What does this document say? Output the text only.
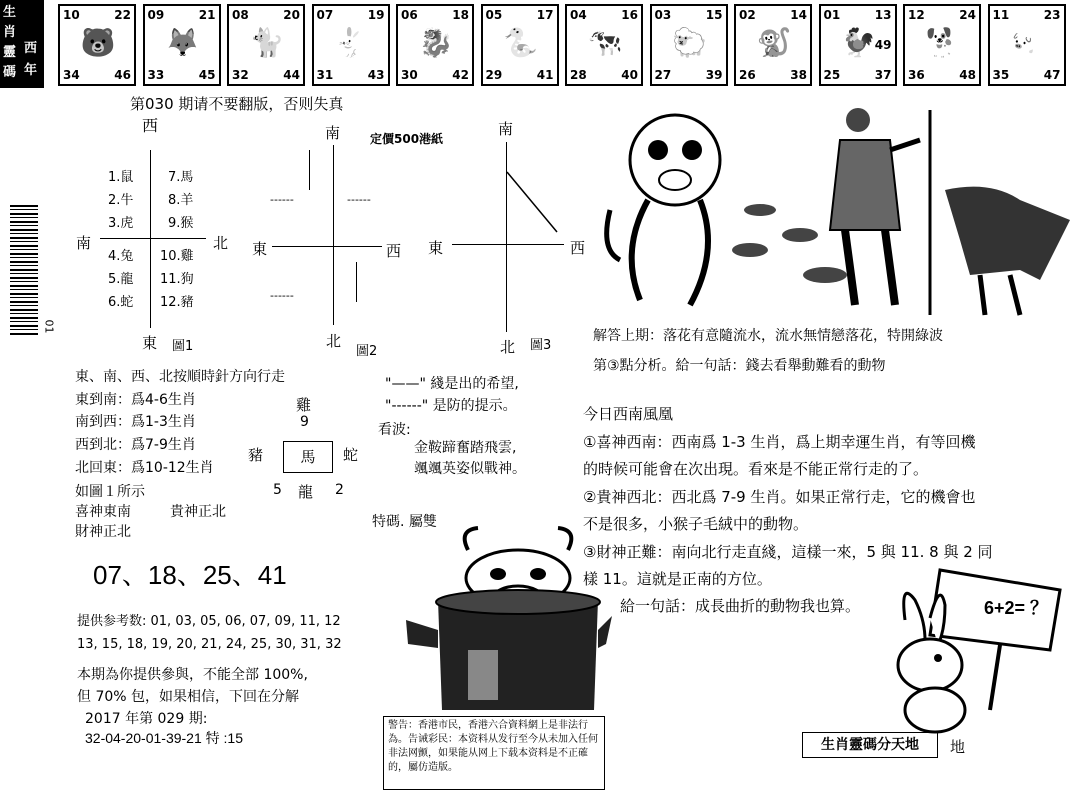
生
肖
靈
碼
西
年
10	22
34	46
🐻
09	21
33	45
🦊
08	20
32	44
🐈
07	19
31	43
🐇
06	18
30	42
🐉
05	17
29	41
🐍
04	16
28	40
🐄
03	15
27	39
🐑
02	14
26	38
🐒
01	13
25	37
49
🐓
12	24
36	48
🐕
11	23
35	47
🐖
第030 期请不要翻版，否则失真
定價500港紙
01
西
南	北
東 圖1
1.鼠
2.牛
3.虎
4.兔
5.龍
6.蛇
7.馬
8.羊
9.猴
10.雞
11.狗
12.豬
南
東	西
北
圖2
------	------
------
南
東	西
北 圖3
東、南、西、北按順時針方向行走
東到南：爲4-6生肖
南到西：爲1-3生肖
西到北：爲7-9生肖
北回東：爲10-12生肖
如圖１所示
喜神東南	貴神正北
財神正北
"——" 綫是出的希望,
"------" 是防的提示。
雞
9
豬	馬	蛇
5 龍 2
看波:
金鞍蹄奮踏飛雲,
颯颯英姿似戰神。
特碼. 屬雙
07、18、25、41
提供参考数: 01, 03, 05, 06, 07, 09, 11, 12
13, 15, 18, 19, 20, 21, 24, 25, 30, 31, 32
本期為你提供參與，不能全部 100%,
但 70% 包，如果相信，下回在分解
2017 年第 029 期:
32-04-20-01-39-21 特 :15
警告：香港市民，香港六合資料網上是非法行為。告诫彩民：本资料从发行至今从未加入任何非法网颤，如果能从网上下载本资料是不正確的，屬仿造版。
解答上期：落花有意隨流水，流水無情戀落花，特開綠波
第③點分析。給一句話：錢去看舉動難看的動物
今日西南風凰
①喜神西南：西南爲 1-3 生肖，爲上期幸運生肖，有等回機
的時候可能會在次出現。看來是不能正常行走的了。
②貴神西北：西北爲 7-9 生肖。如果正常行走，它的機會也
不是很多，小猴子毛絨中的動物。
③財神正難：南向北行走直綫，這樣一來，5 與 11. 8 與 2 同
樣 11。這就是正南的方位。
給一句話：成長曲折的動物我也算。	6+2= ？
生肖靈碼分天地	地
